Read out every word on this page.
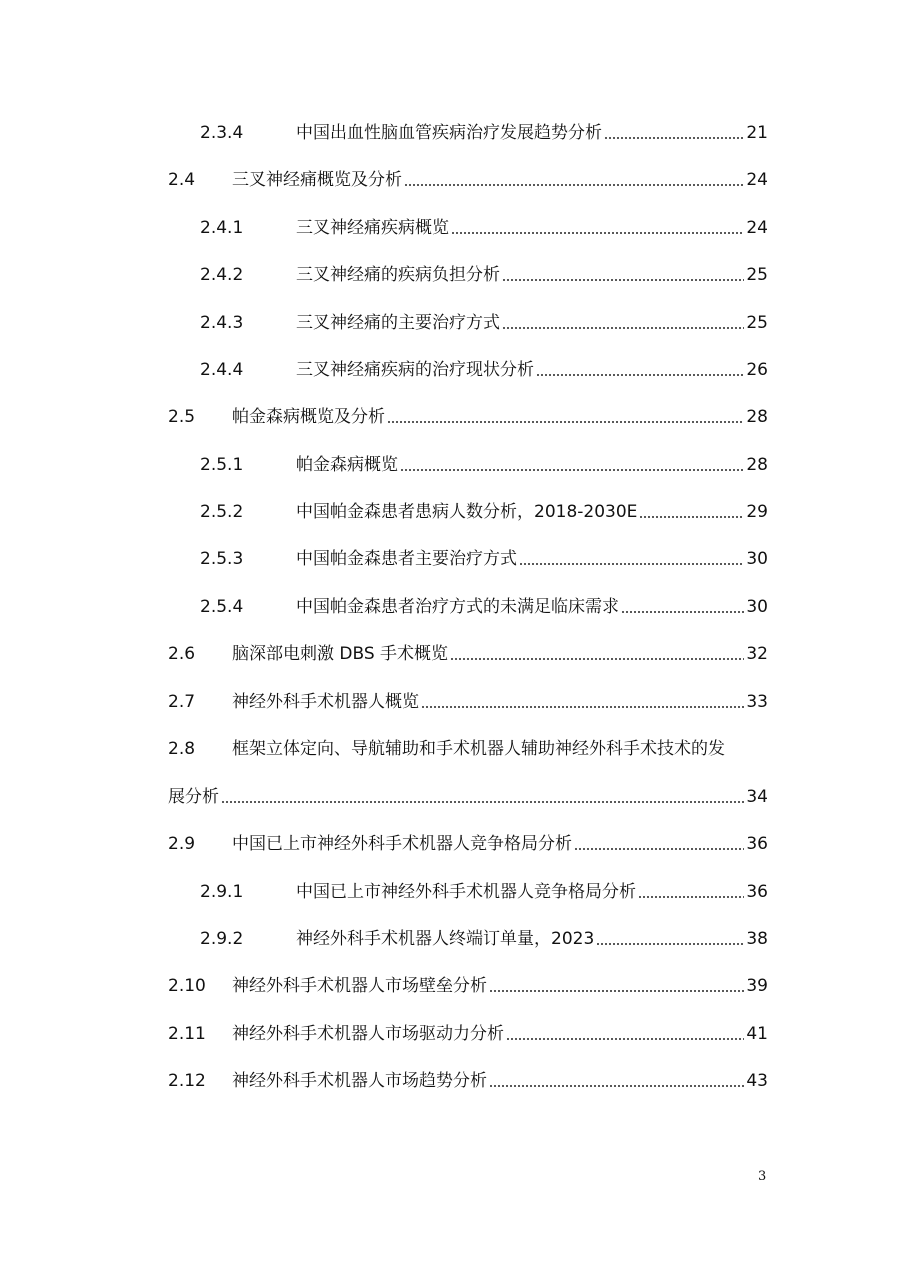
2.3.4	中国出血性脑血管疾病治疗发展趋势分析	21
2.4	三叉神经痛概览及分析	24
2.4.1	三叉神经痛疾病概览	24
2.4.2	三叉神经痛的疾病负担分析	25
2.4.3	三叉神经痛的主要治疗方式	25
2.4.4	三叉神经痛疾病的治疗现状分析	26
2.5	帕金森病概览及分析	28
2.5.1	帕金森病概览	28
2.5.2	中国帕金森患者患病人数分析，2018-2030E	29
2.5.3	中国帕金森患者主要治疗方式	30
2.5.4	中国帕金森患者治疗方式的未满足临床需求	30
2.6	脑深部电刺激 DBS 手术概览	32
2.7	神经外科手术机器人概览	33
2.8 框架立体定向、导航辅助和手术机器人辅助神经外科手术技术的发
展分析	34
2.9	中国已上市神经外科手术机器人竞争格局分析	36
2.9.1	中国已上市神经外科手术机器人竞争格局分析	36
2.9.2	神经外科手术机器人终端订单量，2023	38
2.10	神经外科手术机器人市场壁垒分析	39
2.11	神经外科手术机器人市场驱动力分析	41
2.12	神经外科手术机器人市场趋势分析	43
3
